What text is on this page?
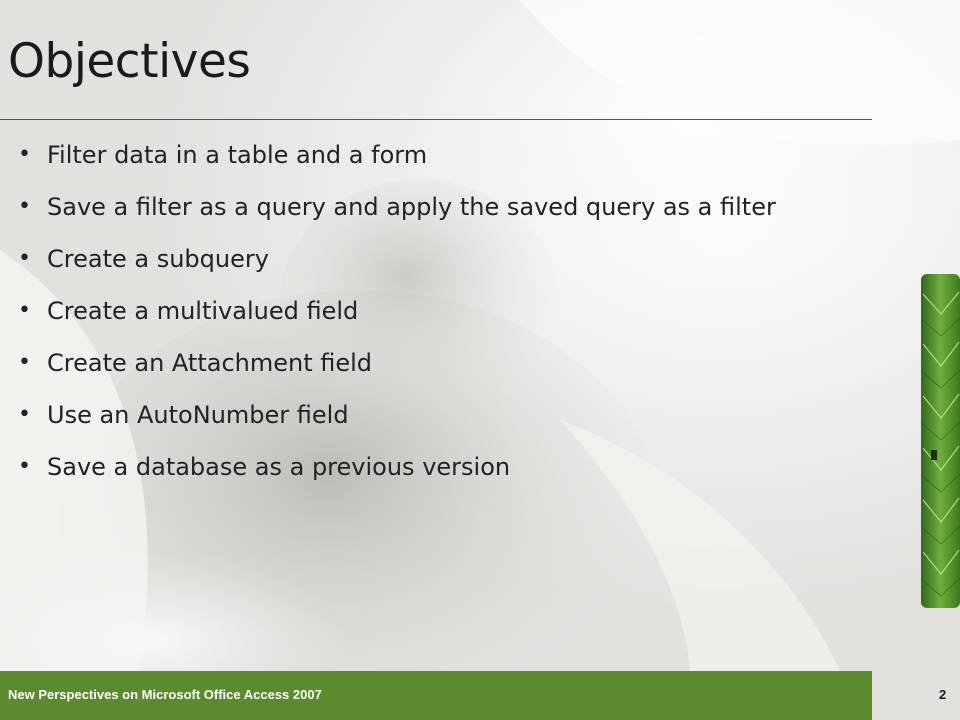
Objectives
• Filter data in a table and a form
• Save a filter as a query and apply the saved query as a filter
• Create a subquery
• Create a multivalued field
• Create an Attachment field
• Use an AutoNumber field
• Save a database as a previous version
New Perspectives on Microsoft Office Access 2007	2
